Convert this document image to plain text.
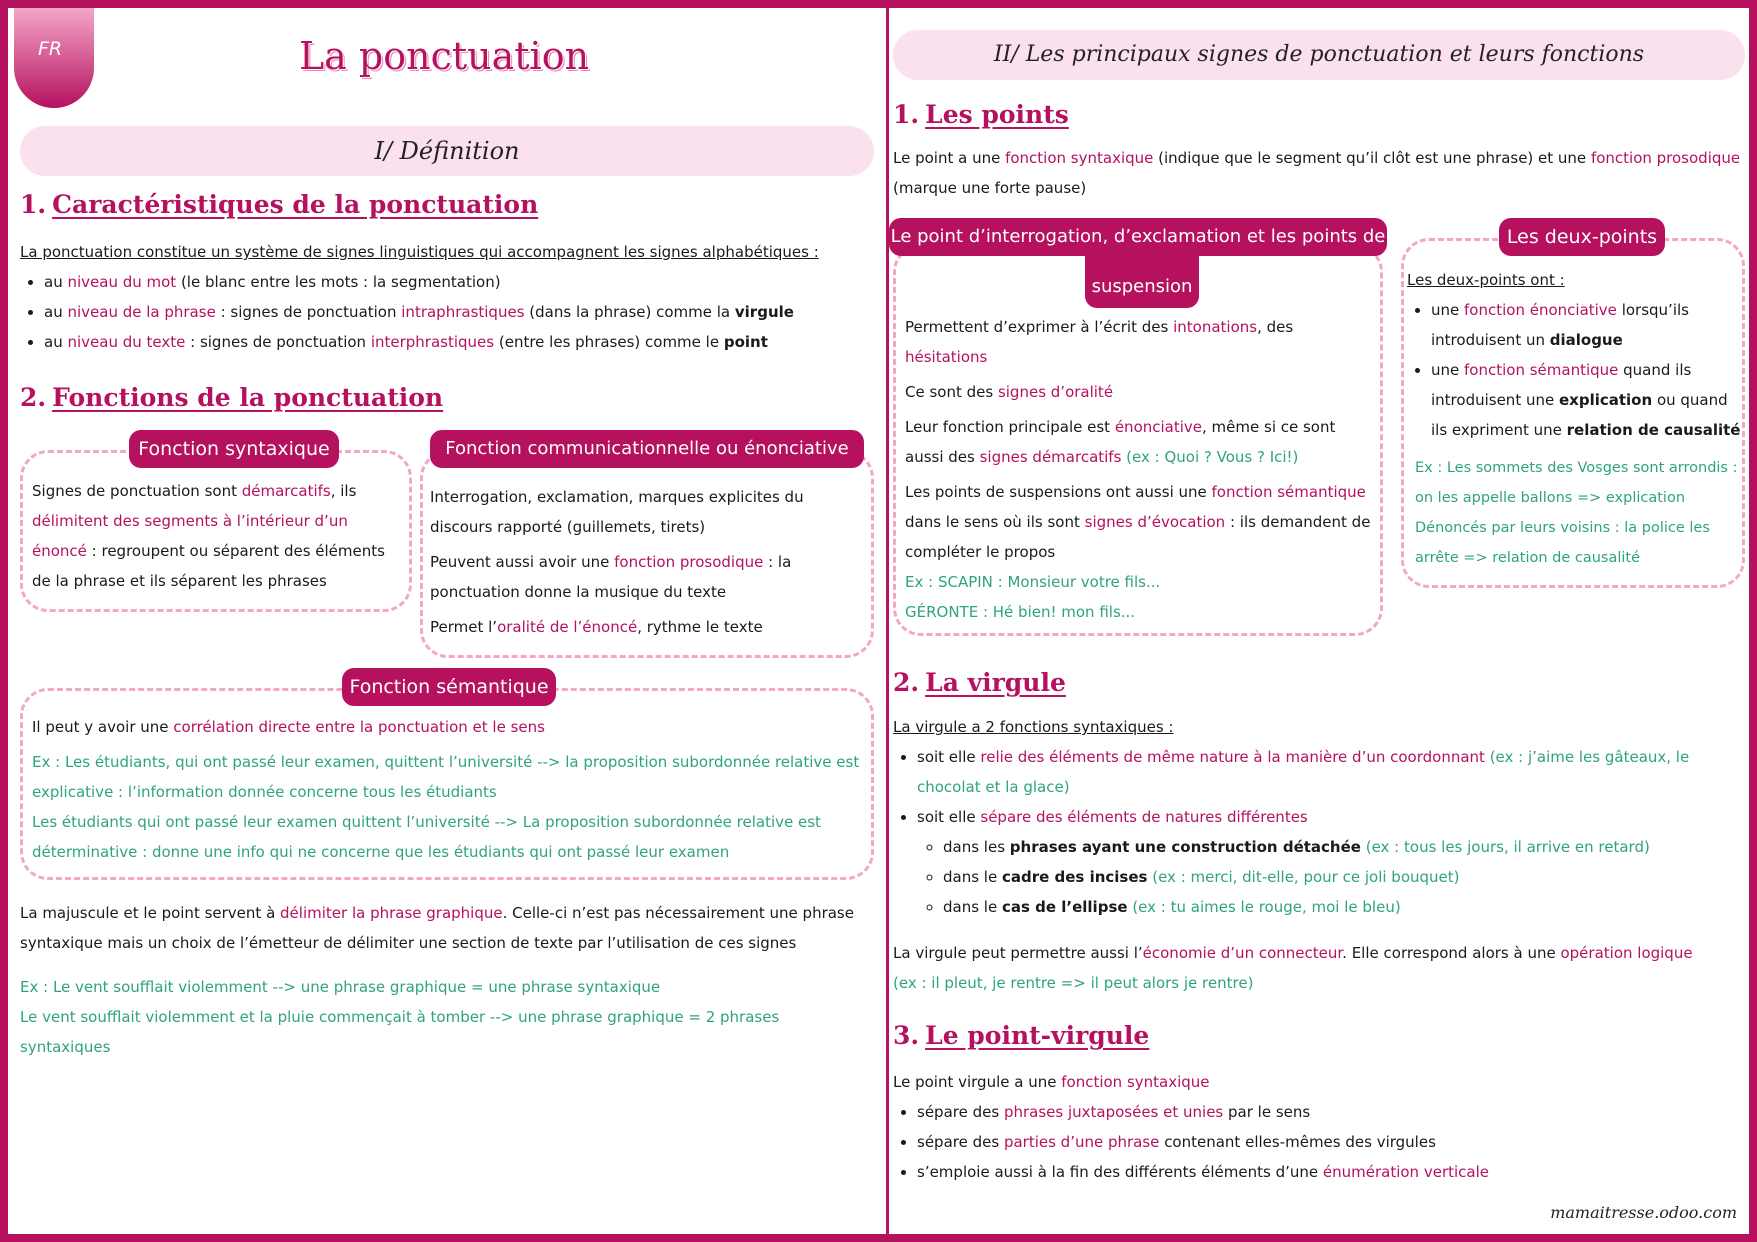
FR	La ponctuation
I/ Définition
1. Caractéristiques de la ponctuation
La ponctuation constitue un système de signes linguistiques qui accompagnent les signes alphabétiques :
• au niveau du mot (le blanc entre les mots : la segmentation)
• au niveau de la phrase : signes de ponctuation intraphrastiques (dans la phrase) comme la virgule
• au niveau du texte : signes de ponctuation interphrastiques (entre les phrases) comme le point
2. Fonctions de la ponctuation
Fonction syntaxique
Signes de ponctuation sont démarcatifs, ils délimitent des segments à l’intérieur d’un énoncé : regroupent ou séparent des éléments de la phrase et ils séparent les phrases
Fonction communicationnelle ou énonciative

Interrogation, exclamation, marques explicites du discours rapporté (guillemets, tirets)

Peuvent aussi avoir une fonction prosodique : la ponctuation donne la musique du texte

Permet l’oralité de l’énoncé, rythme le texte

Fonction sémantique

Il peut y avoir une corrélation directe entre la ponctuation et le sens

Ex : Les étudiants, qui ont passé leur examen, quittent l’université --> la proposition subordonnée relative est explicative : l’information donnée concerne tous les étudiants
Les étudiants qui ont passé leur examen quittent l’université --> La proposition subordonnée relative est déterminative : donne une info qui ne concerne que les étudiants qui ont passé leur examen
La majuscule et le point servent à délimiter la phrase graphique. Celle-ci n’est pas nécessairement une phrase syntaxique mais un choix de l’émetteur de délimiter une section de texte par l’utilisation de ces signes
Ex : Le vent soufflait violemment --> une phrase graphique = une phrase syntaxique
Le vent soufflait violemment et la pluie commençait à tomber --> une phrase graphique = 2 phrases syntaxiques
II/ Les principaux signes de ponctuation et leurs fonctions
1. Les points
Le point a une fonction syntaxique (indique que le segment qu’il clôt est une phrase) et une fonction prosodique (marque une forte pause)
Le point d’interrogation, d’exclamation et les points de
suspension

Permettent d’exprimer à l’écrit des intonations, des hésitations

Ce sont des signes d’oralité

Leur fonction principale est énonciative, même si ce sont aussi des signes démarcatifs (ex : Quoi ? Vous ? Ici!)

Les points de suspensions ont aussi une fonction sémantique dans le sens où ils sont signes d’évocation : ils demandent de compléter le propos

Ex : SCAPIN : Monsieur votre fils...
GÉRONTE : Hé bien! mon fils...
Les deux-points
Les deux-points ont :
• une fonction énonciative lorsqu’ils introduisent un dialogue
• une fonction sémantique quand ils introduisent une explication ou quand ils expriment une relation de causalité
Ex : Les sommets des Vosges sont arrondis : on les appelle ballons => explication
Dénoncés par leurs voisins : la police les arrête => relation de causalité
2. La virgule
La virgule a 2 fonctions syntaxiques :
• soit elle relie des éléments de même nature à la manière d’un coordonnant (ex : j’aime les gâteaux, le chocolat et la glace)
• soit elle sépare des éléments de natures différentes
◦ dans les phrases ayant une construction détachée (ex : tous les jours, il arrive en retard)
◦ dans le cadre des incises (ex : merci, dit-elle, pour ce joli bouquet)
◦ dans le cas de l’ellipse (ex : tu aimes le rouge, moi le bleu)
La virgule peut permettre aussi l’économie d’un connecteur. Elle correspond alors à une opération logique
(ex : il pleut, je rentre => il peut alors je rentre)
3. Le point-virgule
Le point virgule a une fonction syntaxique
• sépare des phrases juxtaposées et unies par le sens
• sépare des parties d’une phrase contenant elles-mêmes des virgules
• s’emploie aussi à la fin des différents éléments d’une énumération verticale
mamaitresse.odoo.com
